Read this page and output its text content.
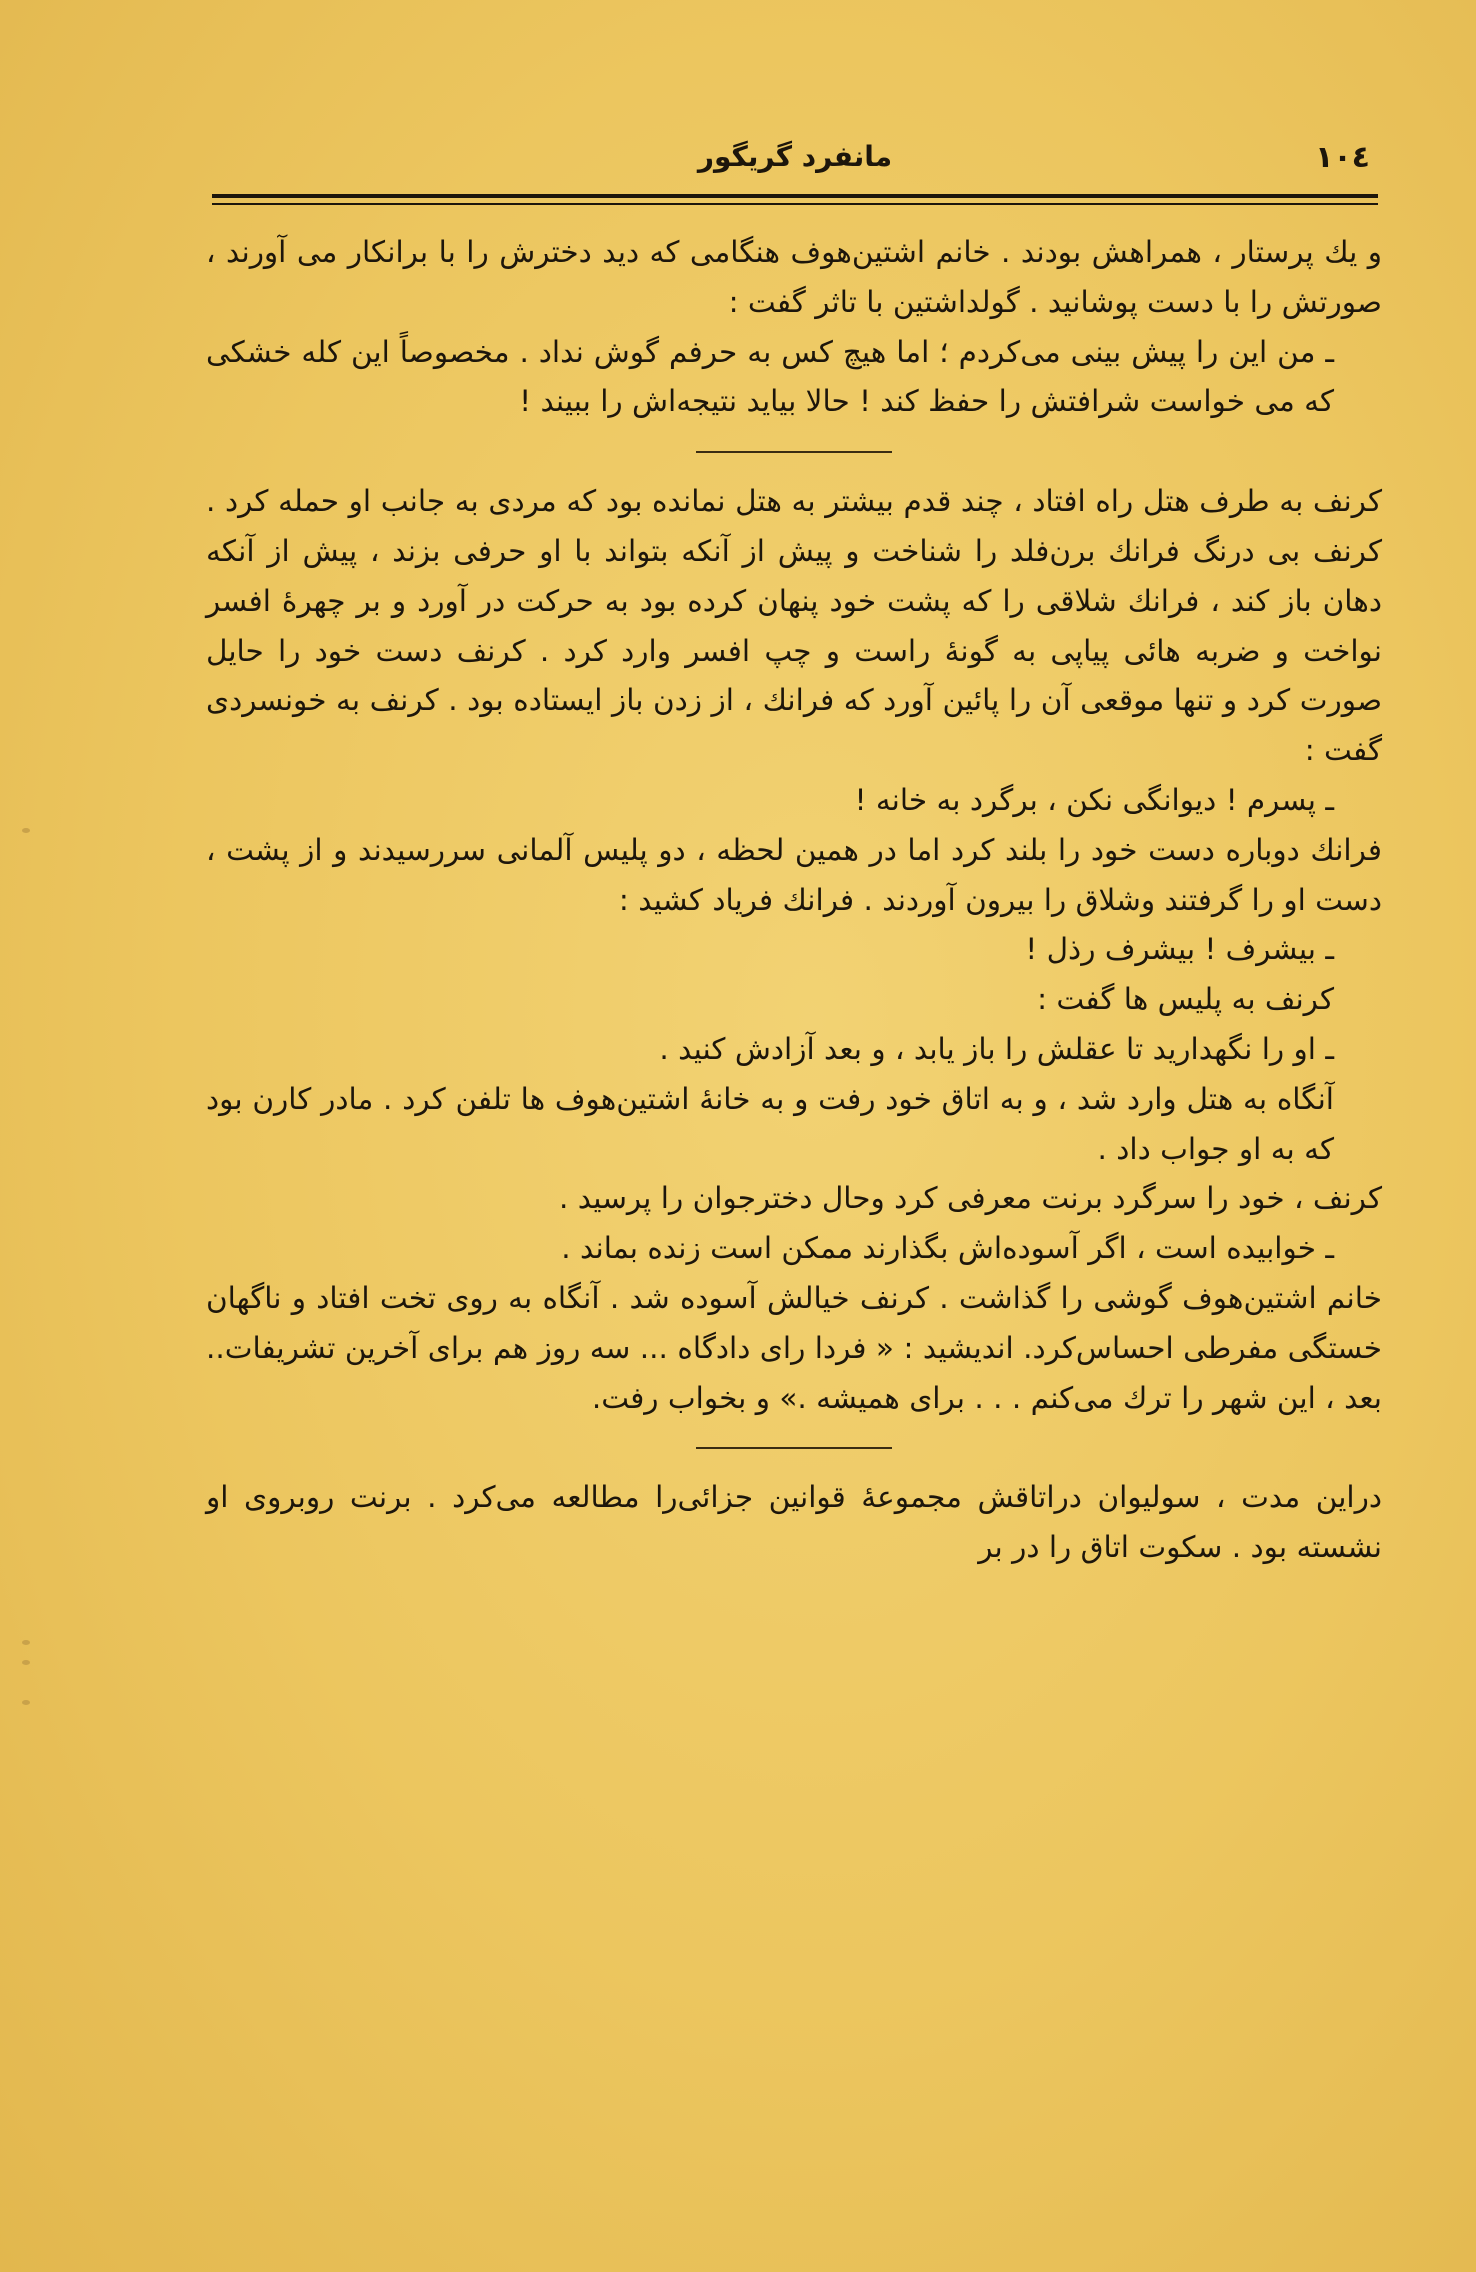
۱۰٤
مانفرد گریگور

و یك پرستار ، همراهش بودند . خانم اشتین‌هوف هنگامی که دید دخترش را با برانکار می آورند ، صورتش را با دست پوشانید . گولداشتین با تاثر گفت :

ـ من این را پیش بینی می‌کردم ؛ اما هیچ کس به حرفم گوش نداد . مخصوصاً این کله خشکی که می خواست شرافتش را حفظ کند ! حالا بیاید نتیجه‌اش را ببیند !

کرنف به طرف هتل راه افتاد ، چند قدم بیشتر به هتل نمانده بود که مردی به جانب او حمله کرد . کرنف بی درنگ فرانك برن‌فلد را شناخت و پیش از آنکه بتواند با او حرفی بزند ، پیش از آنکه دهان باز کند ، فرانك شلاقی را که پشت خود پنهان کرده بود به حرکت در آورد و بر چهرهٔ افسر نواخت و ضربه هائی پیاپی به گونهٔ راست و چپ افسر وارد کرد . کرنف دست خود را حایل صورت کرد و تنها موقعی آن را پائین آورد که فرانك ، از زدن باز ایستاده بود . کرنف به خونسردی گفت :

ـ پسرم ! دیوانگی نکن ، برگرد به خانه !

فرانك دوباره دست خود را بلند کرد اما در همین لحظه ، دو پلیس آلمانی سررسیدند و از پشت ، دست او را گرفتند وشلاق را بیرون آوردند . فرانك فریاد کشید :

ـ بیشرف ! بیشرف رذل !

کرنف به پلیس ها گفت :

ـ او را نگهدارید تا عقلش را باز یابد ، و بعد آزادش کنید .

آنگاه به هتل وارد شد ، و به اتاق خود رفت و به خانهٔ اشتین‌هوف ها تلفن کرد . مادر کارن بود که به او جواب داد .

کرنف ، خود را سرگرد برنت معرفی کرد وحال دخترجوان را پرسید .

ـ خوابیده است ، اگر آسوده‌اش بگذارند ممکن است زنده بماند .

خانم اشتین‌هوف گوشی را گذاشت . کرنف خیالش آسوده شد . آنگاه به روی تخت افتاد و ناگهان خستگی مفرطی احساس‌کرد. اندیشید : « فردا رای دادگاه ... سه روز هم برای آخرین تشریفات.. بعد ، این شهر را ترك می‌کنم . . . برای همیشه .» و بخواب رفت.

دراین مدت ، سولیوان دراتاقش مجموعهٔ قوانین جزائی‌را مطالعه می‌کرد . برنت روبروی او نشسته بود . سکوت اتاق را در بر
